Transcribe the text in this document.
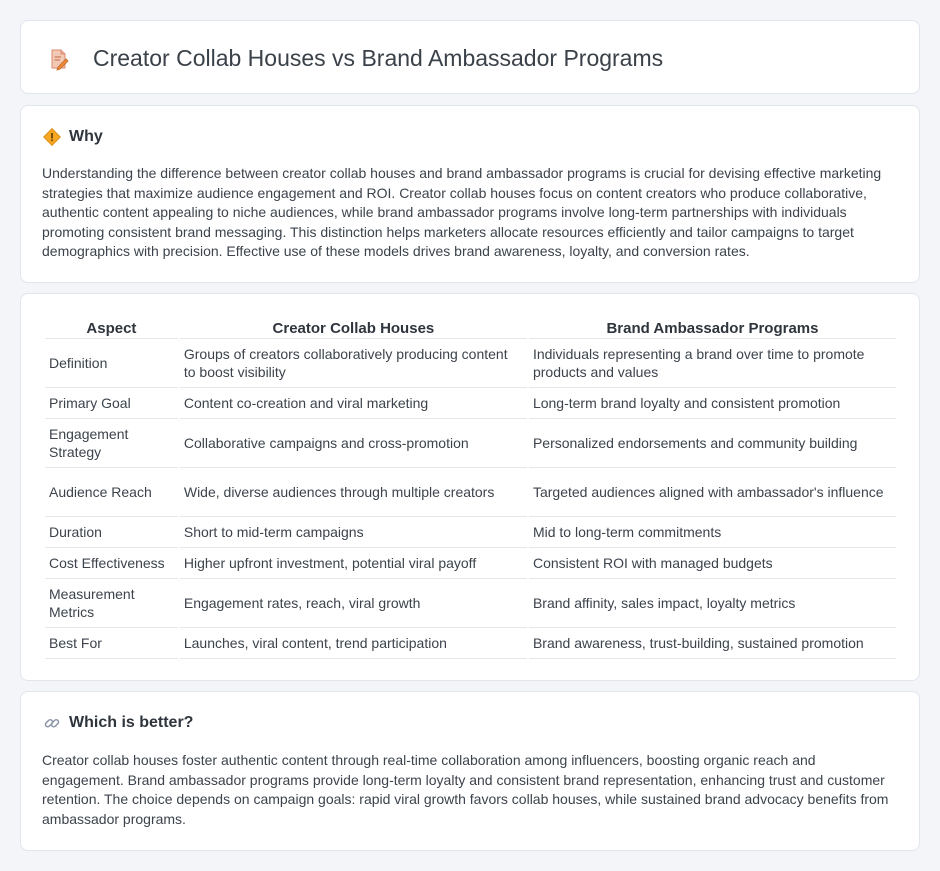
Creator Collab Houses vs Brand Ambassador Programs
Why

Understanding the difference between creator collab houses and brand ambassador programs is crucial for devising effective marketing strategies that maximize audience engagement and ROI. Creator collab houses focus on content creators who produce collaborative, authentic content appealing to niche audiences, while brand ambassador programs involve long-term partnerships with individuals promoting consistent brand messaging. This distinction helps marketers allocate resources efficiently and tailor campaigns to target demographics with precision. Effective use of these models drives brand awareness, loyalty, and conversion rates.

Aspect	Creator Collab Houses	Brand Ambassador Programs
Definition	Groups of creators collaboratively producing content to boost visibility	Individuals representing a brand over time to promote products and values
Primary Goal	Content co-creation and viral marketing	Long-term brand loyalty and consistent promotion
Engagement Strategy	Collaborative campaigns and cross-promotion	Personalized endorsements and community building
Audience Reach	Wide, diverse audiences through multiple creators	Targeted audiences aligned with ambassador's influence
Duration	Short to mid-term campaigns	Mid to long-term commitments
Cost Effectiveness	Higher upfront investment, potential viral payoff	Consistent ROI with managed budgets
Measurement Metrics	Engagement rates, reach, viral growth	Brand affinity, sales impact, loyalty metrics
Best For	Launches, viral content, trend participation	Brand awareness, trust-building, sustained promotion
Which is better?

Creator collab houses foster authentic content through real-time collaboration among influencers, boosting organic reach and engagement. Brand ambassador programs provide long-term loyalty and consistent brand representation, enhancing trust and customer retention. The choice depends on campaign goals: rapid viral growth favors collab houses, while sustained brand advocacy benefits from ambassador programs.
